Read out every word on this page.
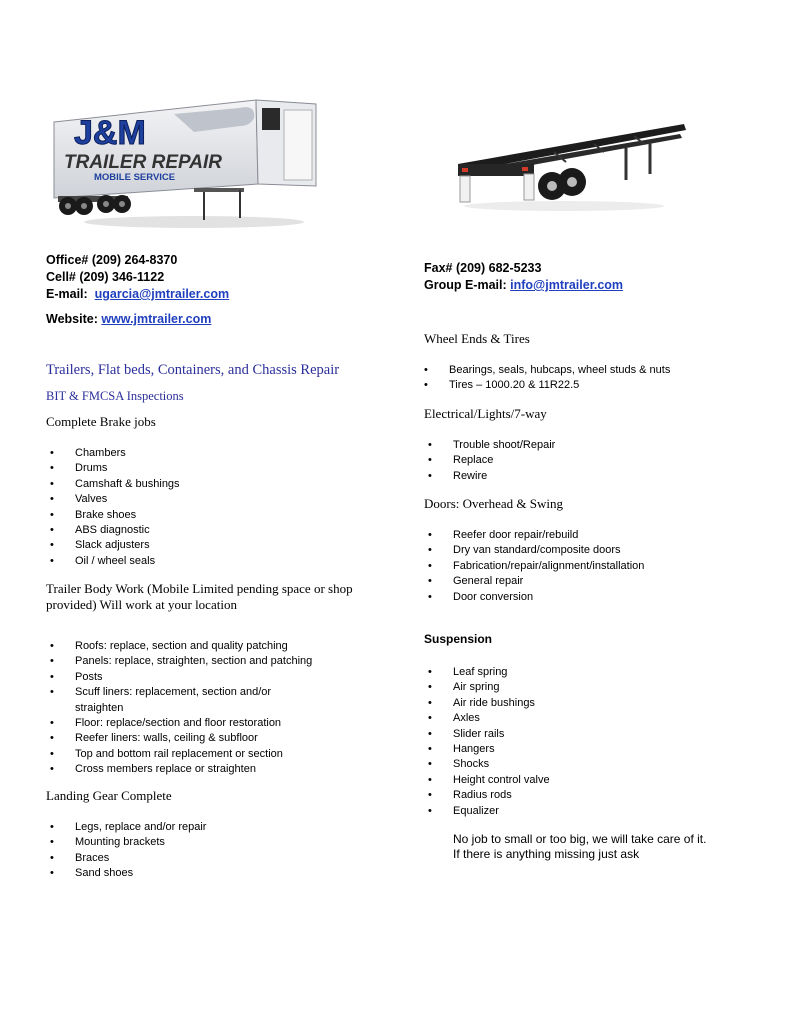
J&M
TRAILER REPAIR
MOBILE SERVICE
Office# (209) 264-8370
Cell# (209) 346-1122
E-mail: ugarcia@jmtrailer.com
Website: www.jmtrailer.com
Fax# (209) 682-5233
Group E-mail: info@jmtrailer.com
Trailers, Flat beds, Containers, and Chassis Repair
BIT & FMCSA Inspections
Complete Brake jobs
• Chambers
• Drums
• Camshaft & bushings
• Valves
• Brake shoes
• ABS diagnostic
• Slack adjusters
• Oil / wheel seals
Trailer Body Work (Mobile Limited pending space or shop provided) Will work at your location
• Roofs: replace, section and quality patching
• Panels: replace, straighten, section and patching
• Posts
• Scuff liners: replacement, section and/or straighten
• Floor: replace/section and floor restoration
• Reefer liners: walls, ceiling & subfloor
• Top and bottom rail replacement or section
• Cross members replace or straighten
Landing Gear Complete
• Legs, replace and/or repair
• Mounting brackets
• Braces
• Sand shoes
Wheel Ends & Tires
• Bearings, seals, hubcaps, wheel studs & nuts
• Tires – 1000.20 & 11R22.5
Electrical/Lights/7-way
• Trouble shoot/Repair
• Replace
• Rewire
Doors: Overhead & Swing
• Reefer door repair/rebuild
• Dry van standard/composite doors
• Fabrication/repair/alignment/installation
• General repair
• Door conversion
Suspension
• Leaf spring
• Air spring
• Air ride bushings
• Axles
• Slider rails
• Hangers
• Shocks
• Height control valve
• Radius rods
• Equalizer
No job to small or too big, we will take care of it.
If there is anything missing just ask
